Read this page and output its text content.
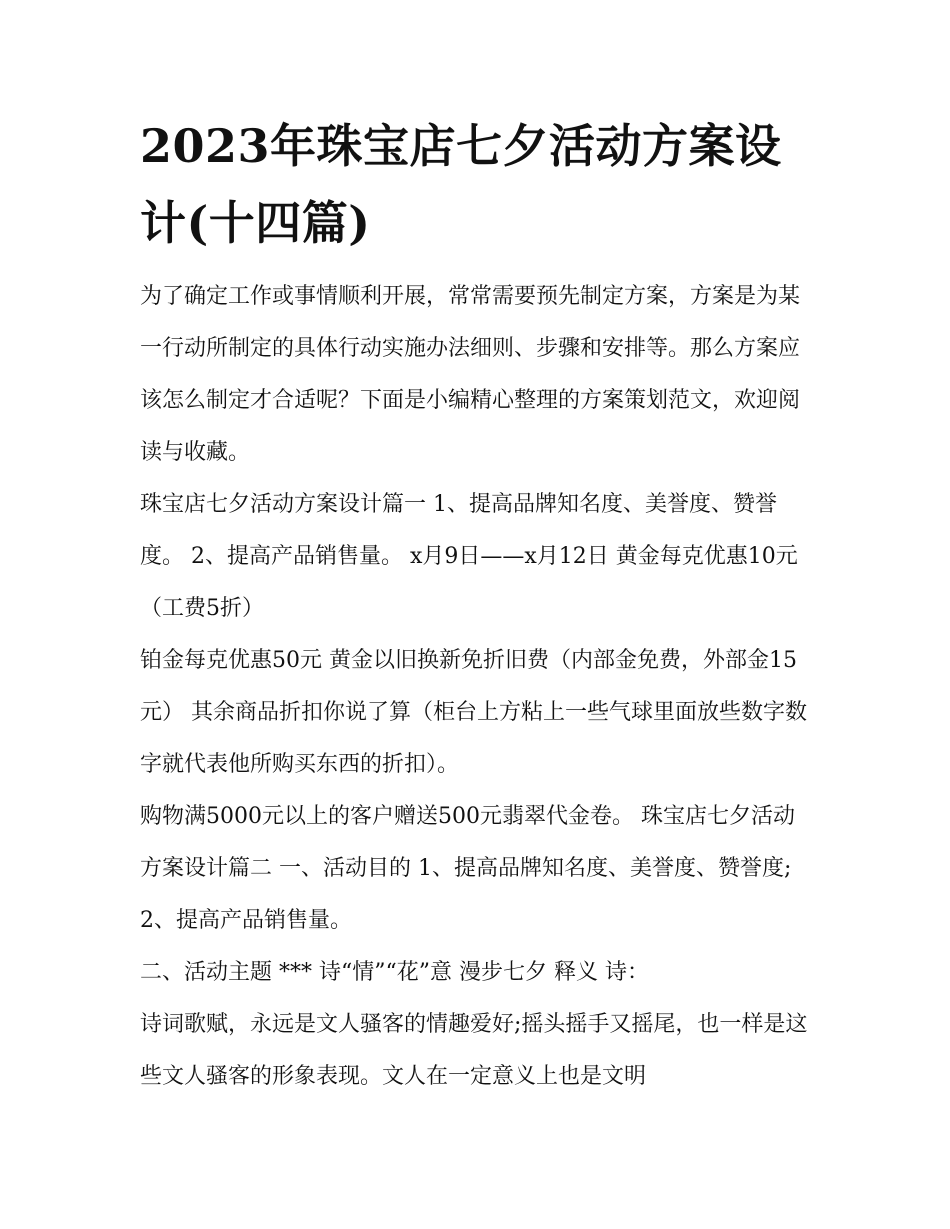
2023年珠宝店七夕活动方案设计(十四篇)

为了确定工作或事情顺利开展，常常需要预先制定方案，方案是为某一行动所制定的具体行动实施办法细则、步骤和安排等。那么方案应该怎么制定才合适呢？下面是小编精心整理的方案策划范文，欢迎阅读与收藏。

珠宝店七夕活动方案设计篇一 1、提高品牌知名度、美誉度、赞誉度。 2、提高产品销售量。 x月9日——x月12日 黄金每克优惠10元（工费5折）

铂金每克优惠50元 黄金以旧换新免折旧费（内部金免费，外部金15元） 其余商品折扣你说了算（柜台上方粘上一些气球里面放些数字数字就代表他所购买东西的折扣）。

购物满5000元以上的客户赠送500元翡翠代金卷。 珠宝店七夕活动方案设计篇二 一、活动目的 1、提高品牌知名度、美誉度、赞誉度; 2、提高产品销售量。

二、活动主题 *** 诗“情”“花”意 漫步七夕 释义 诗：

诗词歌赋，永远是文人骚客的情趣爱好;摇头摇手又摇尾，也一样是这些文人骚客的形象表现。文人在一定意义上也是文明
